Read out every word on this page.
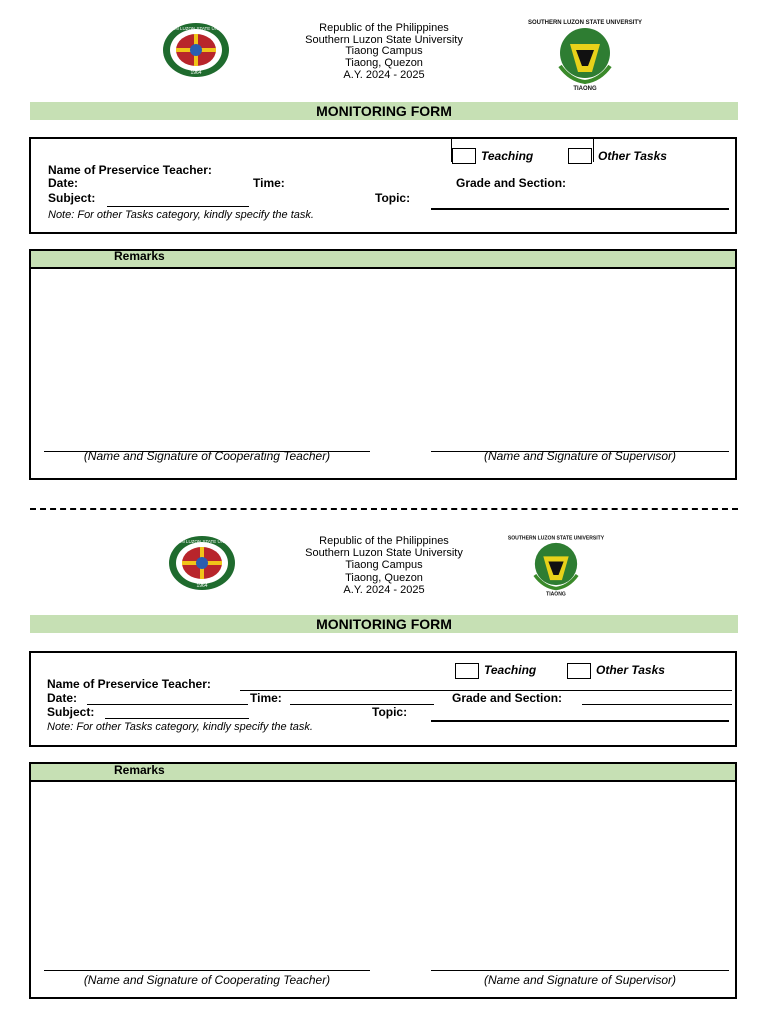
1964
SOUTHERN LUZON STATE UNIVERSITY	Republic of the Philippines
Southern Luzon State University
Tiaong Campus
Tiaong, Quezon
A.Y. 2024 - 2025
SOUTHERN LUZON STATE UNIVERSITY
TIAONG
MONITORING FORM
Teaching	Other Tasks
Name of Preservice Teacher:
Date:	Time:	Grade and Section:
Subject:	Topic:
Note: For other Tasks category, kindly specify the task.
Remarks
(Name and Signature of Cooperating Teacher)	(Name and Signature of Supervisor)
1964
SOUTHERN LUZON STATE UNIVERSITY	Republic of the Philippines
Southern Luzon State University
Tiaong Campus
Tiaong, Quezon
A.Y. 2024 - 2025
SOUTHERN LUZON STATE UNIVERSITY
TIAONG
MONITORING FORM
Teaching	Other Tasks
Name of Preservice Teacher:
Date:	Time:	Grade and Section:
Subject:	Topic:
Note: For other Tasks category, kindly specify the task.
Remarks
(Name and Signature of Cooperating Teacher)	(Name and Signature of Supervisor)
